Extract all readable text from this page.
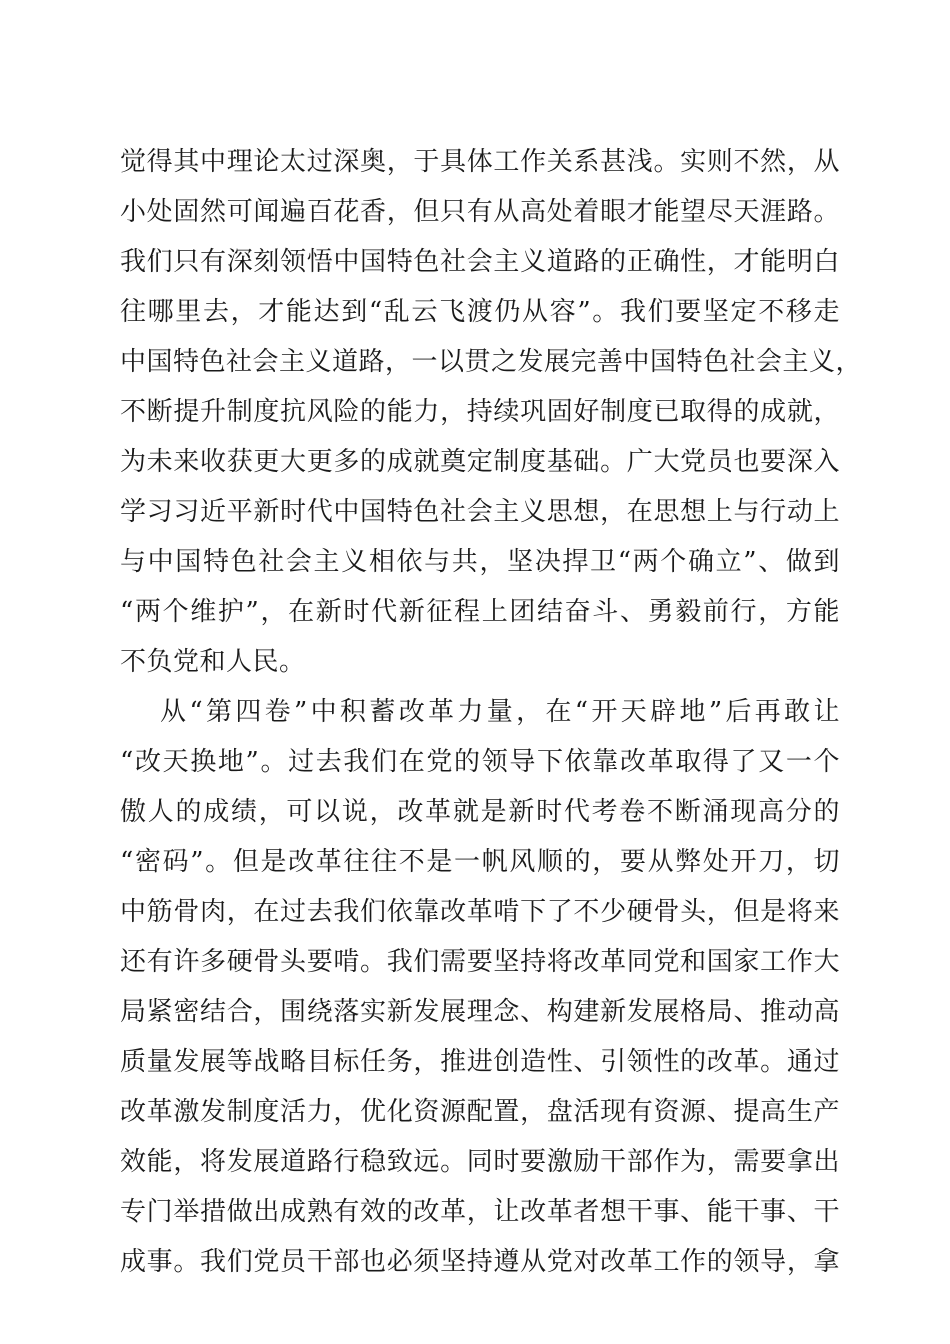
觉得其中理论太过深奥，于具体工作关系甚浅。实则不然，从
小处固然可闻遍百花香，但只有从高处着眼才能望尽天涯路。
我们只有深刻领悟中国特色社会主义道路的正确性，才能明白
往哪里去，才能达到“乱云飞渡仍从容”。我们要坚定不移走
中国特色社会主义道路，一以贯之发展完善中国特色社会主义，
不断提升制度抗风险的能力，持续巩固好制度已取得的成就，
为未来收获更大更多的成就奠定制度基础。广大党员也要深入
学习习近平新时代中国特色社会主义思想，在思想上与行动上
与中国特色社会主义相依与共，坚决捍卫“两个确立”、做到
“两个维护”，在新时代新征程上团结奋斗、勇毅前行，方能
不负党和人民。
从“第四卷”中积蓄改革力量，在“开天辟地”后再敢让
“改天换地”。过去我们在党的领导下依靠改革取得了又一个
傲人的成绩，可以说，改革就是新时代考卷不断涌现高分的
“密码”。但是改革往往不是一帆风顺的，要从弊处开刀，切
中筋骨肉，在过去我们依靠改革啃下了不少硬骨头，但是将来
还有许多硬骨头要啃。我们需要坚持将改革同党和国家工作大
局紧密结合，围绕落实新发展理念、构建新发展格局、推动高
质量发展等战略目标任务，推进创造性、引领性的改革。通过
改革激发制度活力，优化资源配置，盘活现有资源、提高生产
效能，将发展道路行稳致远。同时要激励干部作为，需要拿出
专门举措做出成熟有效的改革，让改革者想干事、能干事、干
成事。我们党员干部也必须坚持遵从党对改革工作的领导，拿
